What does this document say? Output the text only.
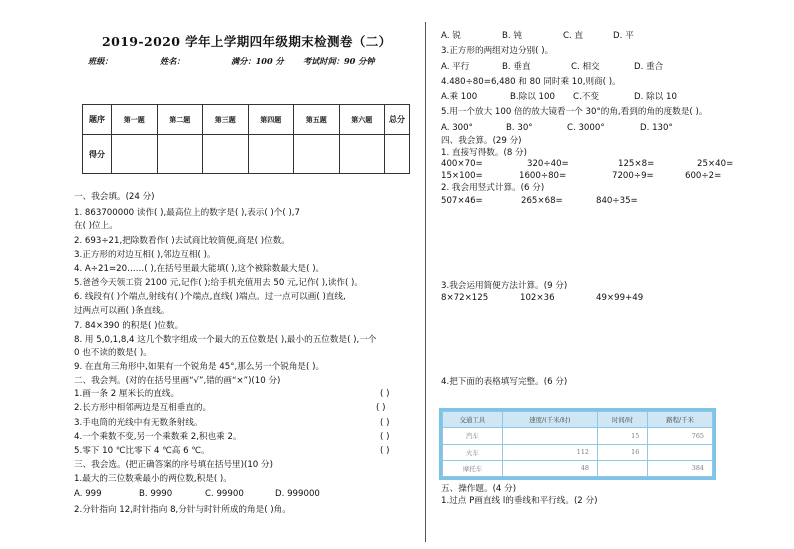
2019-2020 学年上学期四年级期末检测卷（二）
班级：	姓名：	满分：100 分 考试时间：90 分钟
题序	第一题	第二题	第三题	第四题	第五题	第六题	总分
得分							
一、我会填。(24 分)
1. 863700000 读作( ),最高位上的数字是( ),表示( )个( ),7
在( )位上。
2. 693÷21,把除数看作( )去试商比较简便,商是( )位数。
3.正方形的对边互相( ),邻边互相( )。
4. A÷21=20……( ),在括号里最大能填( ),这个被除数最大是( )。
5.爸爸今天领工资 2100 元,记作( );给手机充值用去 50 元,记作( ),读作( )。
6. 线段有( )个端点,射线有( )个端点,直线( )端点。过一点可以画( )直线,
过两点可以画( )条直线。
7. 84×390 的积是( )位数。
8. 用 5,0,1,8,4 这几个数字组成一个最大的五位数是( ),最小的五位数是( ),一个
0 也不读的数是( )。
9. 在直角三角形中,如果有一个锐角是 45°,那么另一个锐角是( )。
二、我会判。(对的在括号里画“√”,错的画“×”)(10 分)
1.画一条 2 厘米长的直线。	( )
2.长方形中相邻两边是互相垂直的。	( )
3.手电筒的光线中有无数条射线。	( )
4.一个乘数不变,另一个乘数乘 2,积也乘 2。	( )
5.零下 10 ℃比零下 4 ℃高 6 ℃。	( )
三、我会选。(把正确答案的序号填在括号里)(10 分)
1.最大的三位数乘最小的两位数,积是( )。
A. 999	B. 9990	C. 99900	D. 999000
2.分针指向 12,时针指向 8,分针与时针所成的角是( )角。
A. 锐	B. 钝	C. 直	D. 平
3.正方形的两组对边分别( )。
A. 平行	B. 垂直	C. 相交	D. 重合
4.480÷80=6,480 和 80 同时乘 10,则商( )。
A.乘 100	B.除以 100 C.不变	D. 除以 10
5.用一个放大 100 倍的放大镜看一个 30°的角,看到的角的度数是( )。
A. 300°	B. 30°	C. 3000°	D. 130°
四、我会算。(29 分)
1. 直接写得数。(8 分)
400×70=	320÷40=	125×8=	25×40=
15×100=	1600÷80=	7200÷9=	600÷2=
2. 我会用竖式计算。(6 分)
507×46=	265×68=	840÷35=
3.我会运用简便方法计算。(9 分)
8×72×125	102×36	49×99+49
4.把下面的表格填写完整。(6 分)
交通工具	速度/(千米/时)	时间/时	路程/千米
汽车		15	765
火车	112	16	
摩托车	48		384
五、操作题。(4 分)
1.过点 P画直线 l的垂线和平行线。(2 分)
